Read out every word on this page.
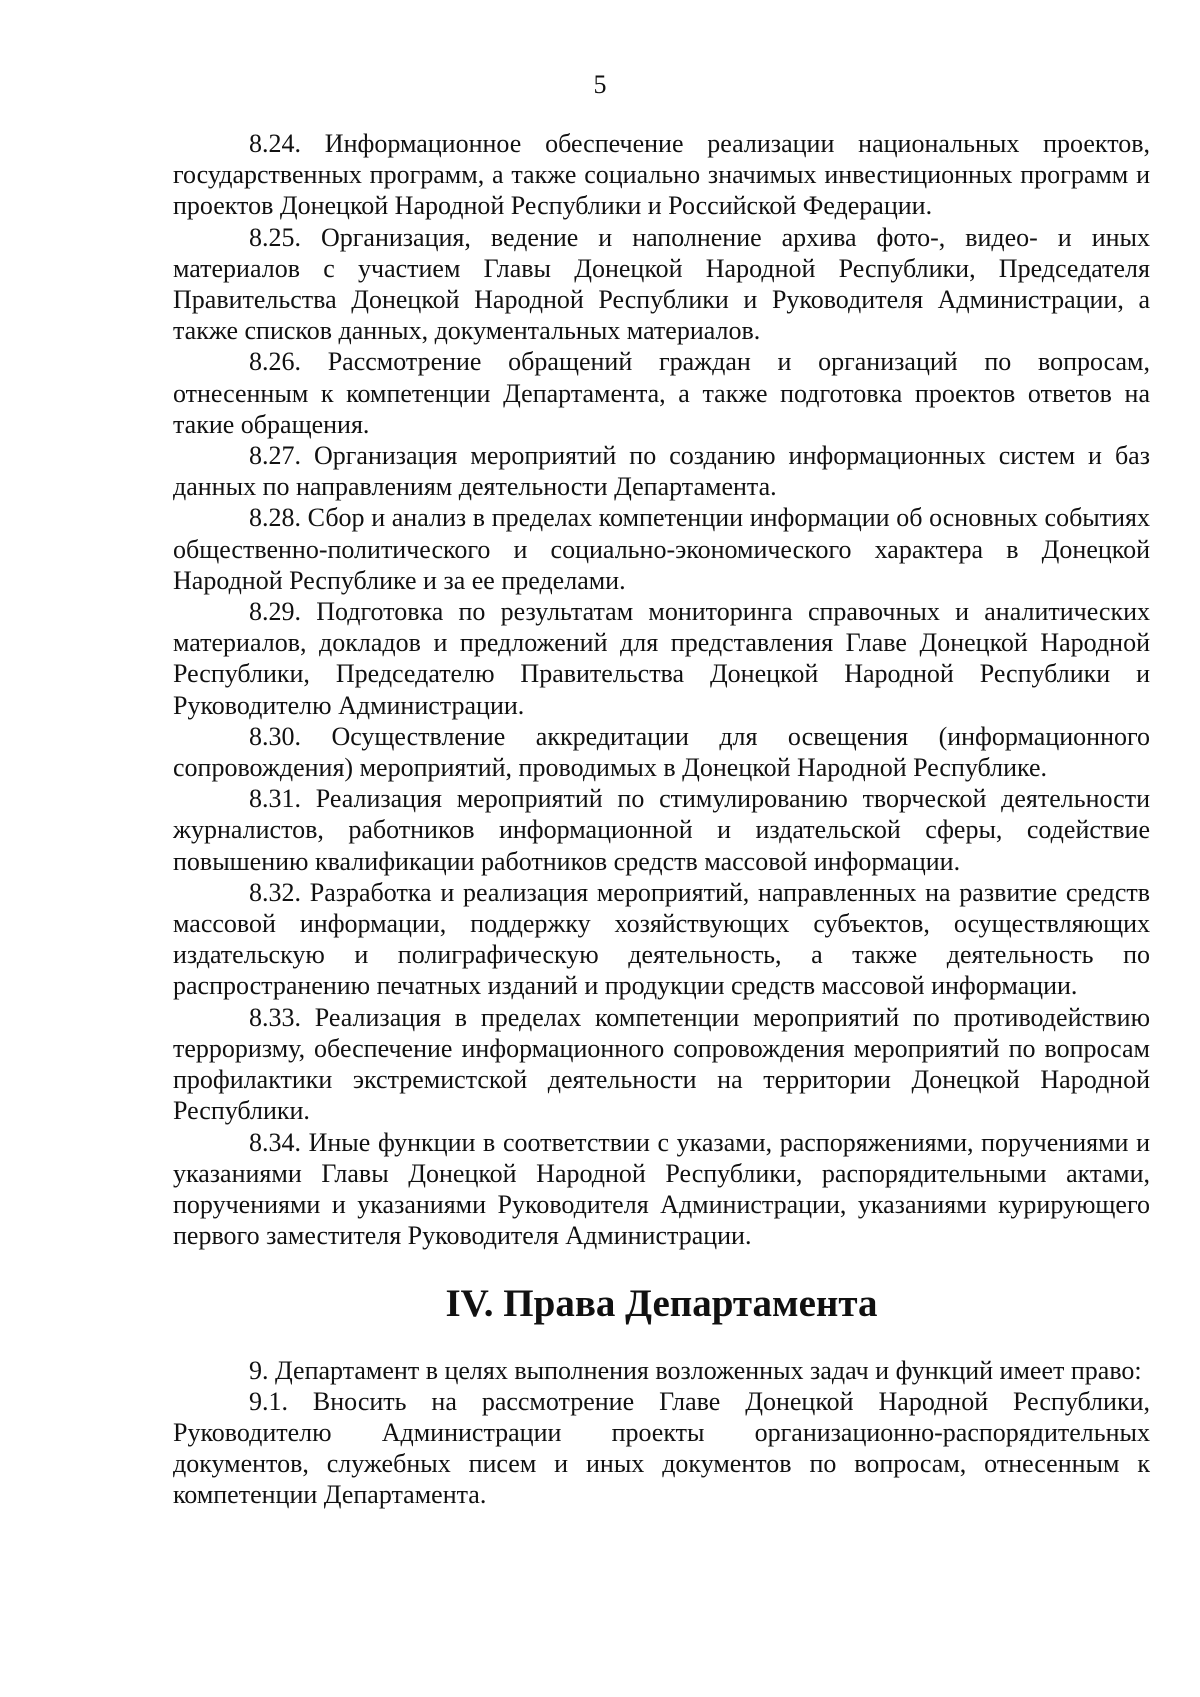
5

8.24. Информационное обеспечение реализации национальных проектов, государственных программ, а также социально значимых инвестиционных программ и проектов Донецкой Народной Республики и Российской Федерации.

8.25. Организация, ведение и наполнение архива фото-, видео- и иных материалов с участием Главы Донецкой Народной Республики, Председателя Правительства Донецкой Народной Республики и Руководителя Администрации, а также списков данных, документальных материалов.

8.26. Рассмотрение обращений граждан и организаций по вопросам, отнесенным к компетенции Департамента, а также подготовка проектов ответов на такие обращения.

8.27. Организация мероприятий по созданию информационных систем и баз данных по направлениям деятельности Департамента.

8.28. Сбор и анализ в пределах компетенции информации об основных событиях общественно-политического и социально-экономического характера в Донецкой Народной Республике и за ее пределами.

8.29. Подготовка по результатам мониторинга справочных и аналитических материалов, докладов и предложений для представления Главе Донецкой Народной Республики, Председателю Правительства Донецкой Народной Республики и Руководителю Администрации.

8.30. Осуществление аккредитации для освещения (информационного сопровождения) мероприятий, проводимых в Донецкой Народной Республике.

8.31. Реализация мероприятий по стимулированию творческой деятельности журналистов, работников информационной и издательской сферы, содействие повышению квалификации работников средств массовой информации.

8.32. Разработка и реализация мероприятий, направленных на развитие средств массовой информации, поддержку хозяйствующих субъектов, осуществляющих издательскую и полиграфическую деятельность, а также деятельность по распространению печатных изданий и продукции средств массовой информации.

8.33. Реализация в пределах компетенции мероприятий по противодействию терроризму, обеспечение информационного сопровождения мероприятий по вопросам профилактики экстремистской деятельности на территории Донецкой Народной Республики.

8.34. Иные функции в соответствии с указами, распоряжениями, поручениями и указаниями Главы Донецкой Народной Республики, распорядительными актами, поручениями и указаниями Руководителя Администрации, указаниями курирующего первого заместителя Руководителя Администрации.

IV. Права Департамента

9. Департамент в целях выполнения возложенных задач и функций имеет право:

9.1. Вносить на рассмотрение Главе Донецкой Народной Республики, Руководителю Администрации проекты организационно-распорядительных документов, служебных писем и иных документов по вопросам, отнесенным к компетенции Департамента.
